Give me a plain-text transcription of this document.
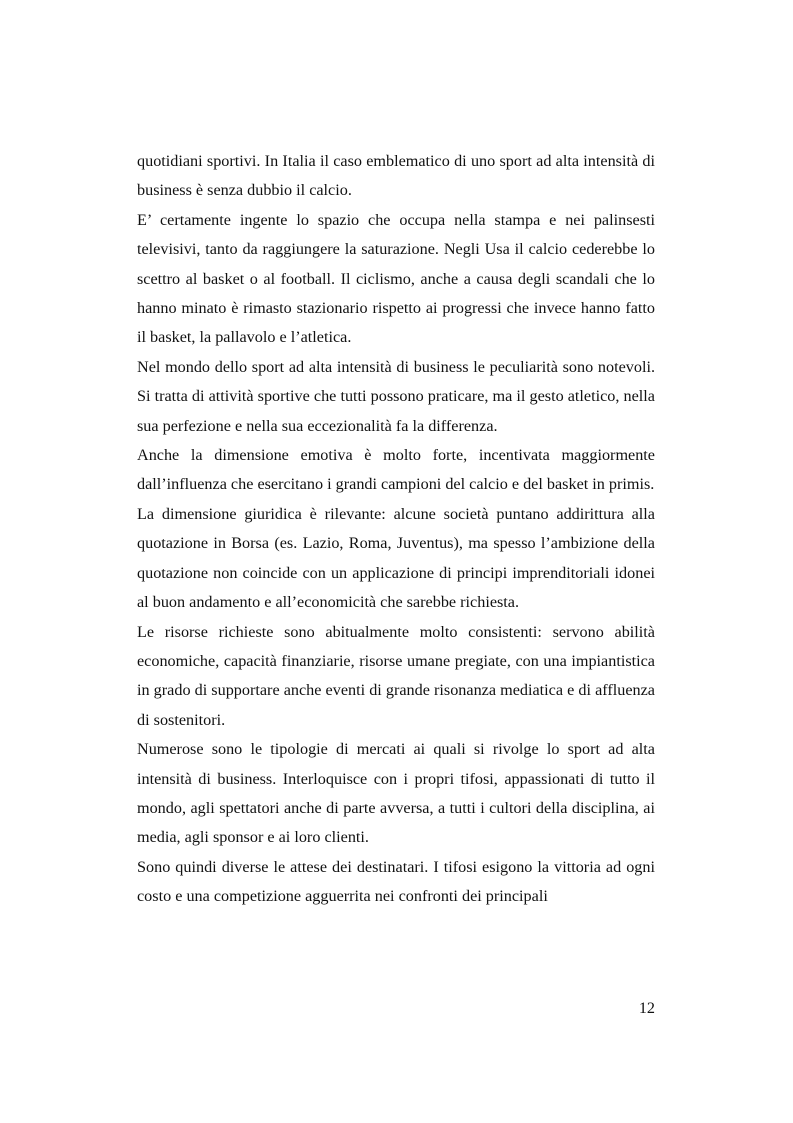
quotidiani sportivi. In Italia il caso emblematico di uno sport ad alta intensità di business è senza dubbio il calcio.

E’ certamente ingente lo spazio che occupa nella stampa e nei palinsesti televisivi, tanto da raggiungere la saturazione. Negli Usa il calcio cederebbe lo scettro al basket o al football. Il ciclismo, anche a causa degli scandali che lo hanno minato è rimasto stazionario rispetto ai progressi che invece hanno fatto il basket, la pallavolo e l’atletica.

Nel mondo dello sport ad alta intensità di business le peculiarità sono notevoli. Si tratta di attività sportive che tutti possono praticare, ma il gesto atletico, nella sua perfezione e nella sua eccezionalità fa la differenza.

Anche la dimensione emotiva è molto forte, incentivata maggiormente dall’influenza che esercitano i grandi campioni del calcio e del basket in primis.

La dimensione giuridica è rilevante: alcune società puntano addirittura alla quotazione in Borsa (es. Lazio, Roma, Juventus), ma spesso l’ambizione della quotazione non coincide con un applicazione di principi imprenditoriali idonei al buon andamento e all’economicità che sarebbe richiesta.

Le risorse richieste sono abitualmente molto consistenti: servono abilità economiche, capacità finanziarie, risorse umane pregiate, con una impiantistica in grado di supportare anche eventi di grande risonanza mediatica e di affluenza di sostenitori.

Numerose sono le tipologie di mercati ai quali si rivolge lo sport ad alta intensità di business. Interloquisce con i propri tifosi, appassionati di tutto il mondo, agli spettatori anche di parte avversa, a tutti i cultori della disciplina, ai media, agli sponsor e ai loro clienti.

Sono quindi diverse le attese dei destinatari. I tifosi esigono la vittoria ad ogni costo e una competizione agguerrita nei confronti dei principali

12
